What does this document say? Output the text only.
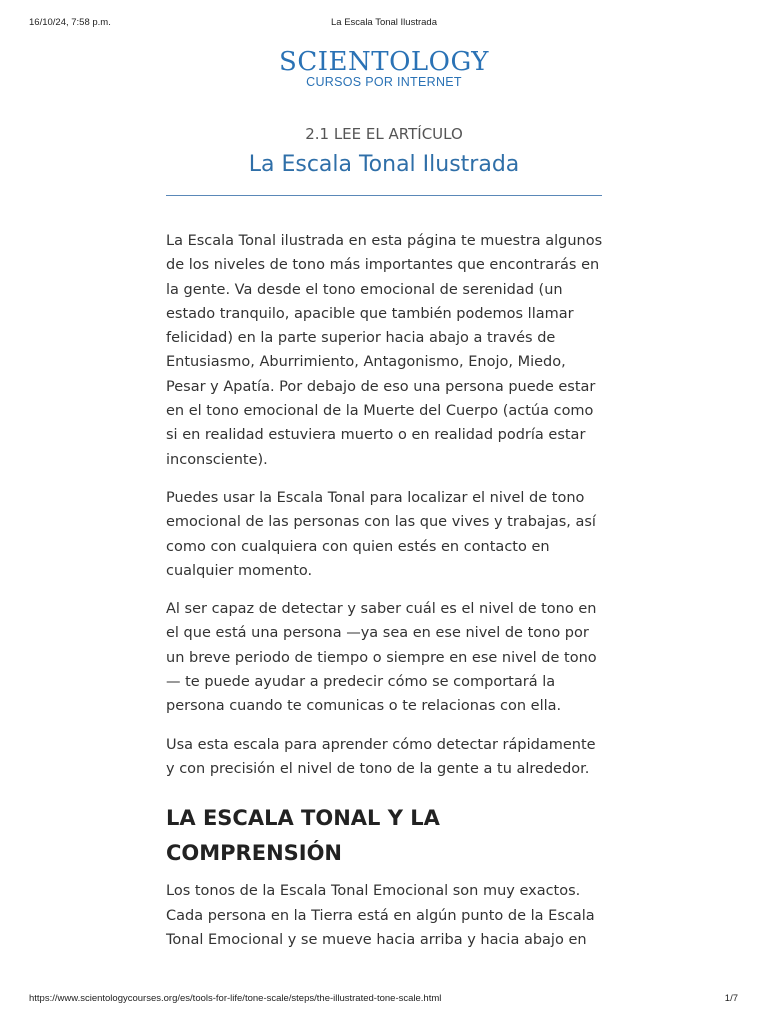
16/10/24, 7:58 p.m.	La Escala Tonal Ilustrada
SCIENTOLOGY
CURSOS POR INTERNET
2.1 LEE EL ARTÍCULO
La Escala Tonal Ilustrada

La Escala Tonal ilustrada en esta página te muestra algunos de los niveles de tono más importantes que encontrarás en la gente. Va desde el tono emocional de serenidad (un estado tranquilo, apacible que también podemos llamar felicidad) en la parte superior hacia abajo a través de Entusiasmo, Aburrimiento, Antagonismo, Enojo, Miedo, Pesar y Apatía. Por debajo de eso una persona puede estar en el tono emocional de la Muerte del Cuerpo (actúa como si en realidad estuviera muerto o en realidad podría estar inconsciente).

Puedes usar la Escala Tonal para localizar el nivel de tono emocional de las personas con las que vives y trabajas, así como con cualquiera con quien estés en contacto en cualquier momento.

Al ser capaz de detectar y saber cuál es el nivel de tono en el que está una persona —ya sea en ese nivel de tono por un breve periodo de tiempo o siempre en ese nivel de tono— te puede ayudar a predecir cómo se comportará la persona cuando te comunicas o te relacionas con ella.

Usa esta escala para aprender cómo detectar rápidamente y con precisión el nivel de tono de la gente a tu alrededor.

LA ESCALA TONAL Y LA COMPRENSIÓN

Los tonos de la Escala Tonal Emocional son muy exactos. Cada persona en la Tierra está en algún punto de la Escala Tonal Emocional y se mueve hacia arriba y hacia abajo en

https://www.scientologycourses.org/es/tools-for-life/tone-scale/steps/the-illustrated-tone-scale.html	1/7
